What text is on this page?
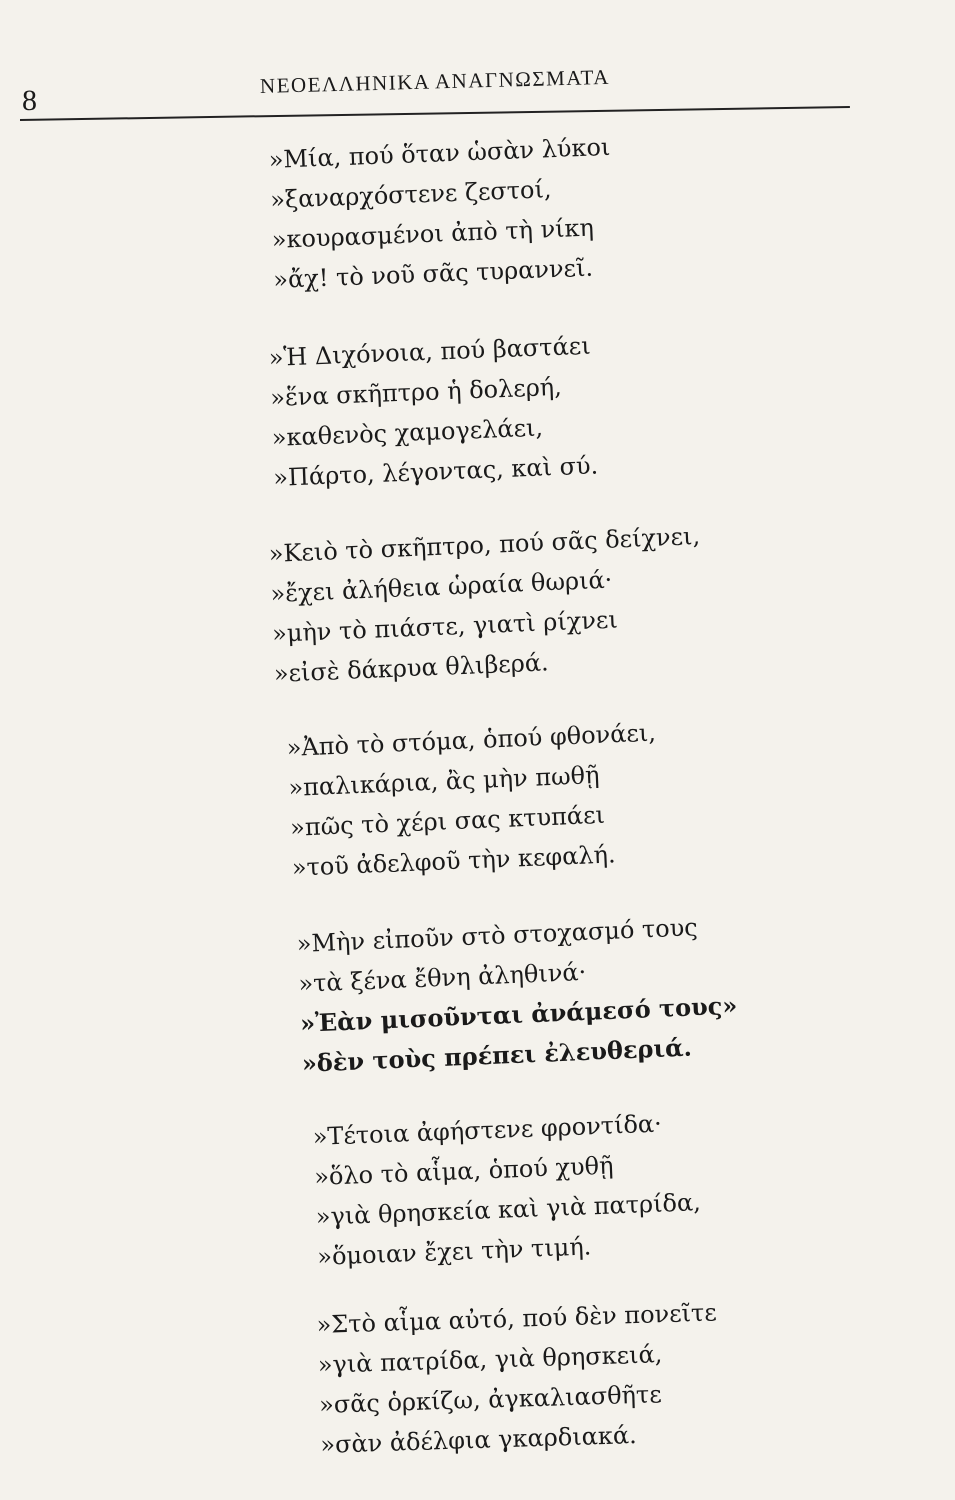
8
ΝΕΟΕΛΛΗΝΙΚΑ ΑΝΑΓΝΩΣΜΑΤΑ
»Μία, πού ὅταν ὡσὰν λύκοι
»ξαναρχόστενε ζεστοί,
»κουρασμένοι ἀπὸ τὴ νίκη
»ἄχ! τὸ νοῦ σᾶς τυραννεῖ.
»Ἡ Διχόνοια, πού βαστάει
»ἕνα σκῆπτρο ἡ δολερή,
»καθενὸς χαμογελάει,
»Πάρτο, λέγοντας, καὶ σύ.
»Κειὸ τὸ σκῆπτρο, πού σᾶς δείχνει,
»ἔχει ἀλήθεια ὡραία θωριά·
»μὴν τὸ πιάστε, γιατὶ ρίχνει
»εἰσὲ δάκρυα θλιβερά.
»Ἀπὸ τὸ στόμα, ὁπού φθονάει,
»παλικάρια, ἂς μὴν πωθῇ
»πῶς τὸ χέρι σας κτυπάει
»τοῦ ἀδελφοῦ τὴν κεφαλή.
»Μὴν εἰποῦν στὸ στοχασμό τους
»τὰ ξένα ἔθνη ἀληθινά·
»Ἐὰν μισοῦνται ἀνάμεσό τους»
»δὲν τοὺς πρέπει ἐλευθεριά.
»Τέτοια ἀφήστενε φροντίδα·
»ὅλο τὸ αἷμα, ὁπού χυθῇ
»γιὰ θρησκεία καὶ γιὰ πατρίδα,
»ὅμοιαν ἔχει τὴν τιμή.
»Στὸ αἷμα αὐτό, πού δὲν πονεῖτε
»γιὰ πατρίδα, γιὰ θρησκειά,
»σᾶς ὁρκίζω, ἀγκαλιασθῆτε
»σὰν ἀδέλφια γκαρδιακά.
